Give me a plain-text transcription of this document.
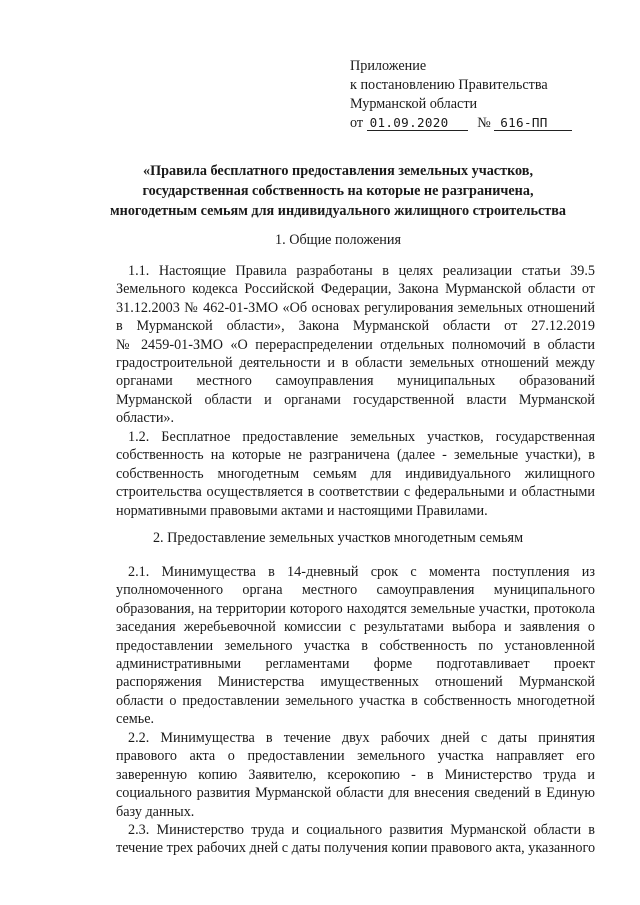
Приложение
к постановлению Правительства
Мурманской области
от 01.09.2020 № 616-ПП
«Правила бесплатного предоставления земельных участков,
государственная собственность на которые не разграничена,
многодетным семьям для индивидуального жилищного строительства
1. Общие положения
1.1. Настоящие Правила разработаны в целях реализации статьи 39.5
Земельного кодекса Российской Федерации, Закона Мурманской области от
31.12.2003 № 462-01-ЗМО «Об основах регулирования земельных отношений
в Мурманской области», Закона Мурманской области от 27.12.2019
№ 2459-01-ЗМО «О перераспределении отдельных полномочий в области
градостроительной деятельности и в области земельных отношений между
органами местного самоуправления муниципальных образований
Мурманской области и органами государственной власти Мурманской
области».
1.2. Бесплатное предоставление земельных участков, государственная
собственность на которые не разграничена (далее - земельные участки), в
собственность многодетным семьям для индивидуального жилищного
строительства осуществляется в соответствии с федеральными и областными
нормативными правовыми актами и настоящими Правилами.
2. Предоставление земельных участков многодетным семьям
2.1. Минимущества в 14-дневный срок с момента поступления из
уполномоченного органа местного самоуправления муниципального
образования, на территории которого находятся земельные участки, протокола
заседания жеребьевочной комиссии с результатами выбора и заявления о
предоставлении земельного участка в собственность по установленной
административными регламентами форме подготавливает проект
распоряжения Министерства имущественных отношений Мурманской
области о предоставлении земельного участка в собственность многодетной
семье.
2.2. Минимущества в течение двух рабочих дней с даты принятия
правового акта о предоставлении земельного участка направляет его
заверенную копию Заявителю, ксерокопию - в Министерство труда и
социального развития Мурманской области для внесения сведений в Единую
базу данных.
2.3. Министерство труда и социального развития Мурманской области в
течение трех рабочих дней с даты получения копии правового акта, указанного
